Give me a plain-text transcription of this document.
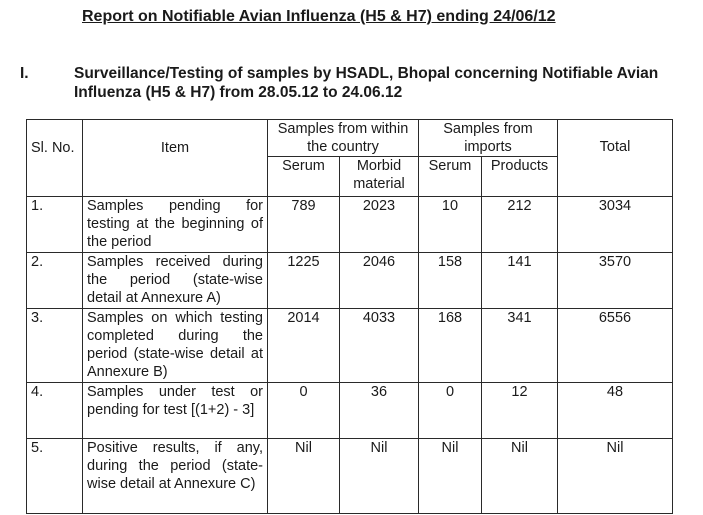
Report on Notifiable Avian Influenza (H5 & H7) ending 24/06/12
I.	Surveillance/Testing of samples by HSADL, Bhopal concerning Notifiable Avian Influenza (H5 & H7) from 28.05.12 to 24.06.12
Sl. No.	Item	Samples from within the country		Samples from imports		Total
		Serum	Morbid material	Serum	Products	
1.	Samples pending for testing at the beginning of the period	789	2023	10	212	3034
2.	Samples received during the period (state-wise detail at Annexure A)	1225	2046	158	141	3570
3.	Samples on which testing completed during the period (state-wise detail at Annexure B)	2014	4033	168	341	6556
4.	Samples under test or pending for test [(1+2) - 3]	0	36	0	12	48
5.	Positive results, if any, during the period (state-wise detail at Annexure C)	Nil	Nil	Nil	Nil	Nil
